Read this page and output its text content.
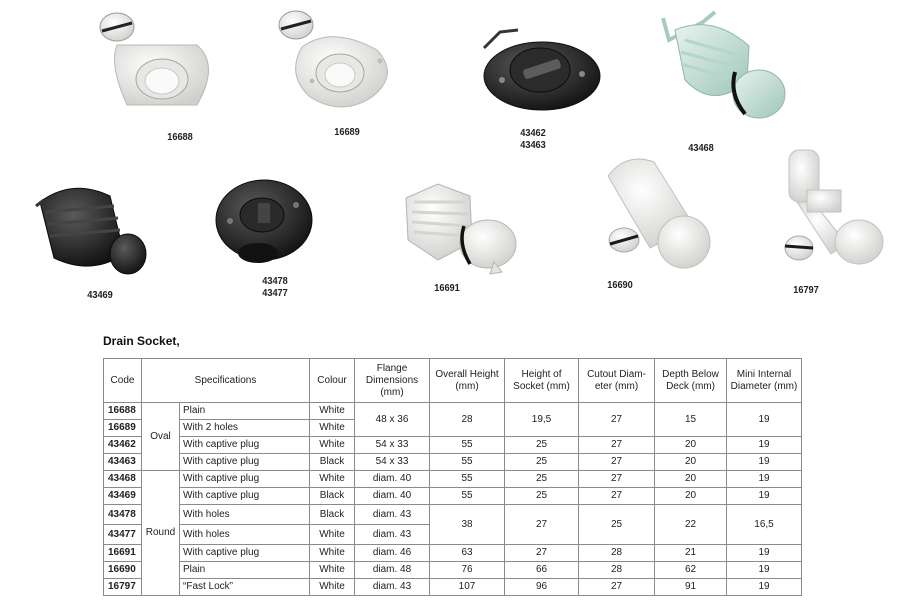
16688	16689	43462
43463	43468
43469
43478
43477	16691	16690	16797
Drain Socket,
Code	Specifications		Colour	Flange Dimensions (mm)	Overall Height (mm)	Height of Socket (mm)	Cutout Diam-eter (mm)	Depth Below Deck (mm)	Mini Internal Diameter (mm)
16688	Oval	Plain	White	48 x 36	28	19,5	27	15	19
16689		With 2 holes	White						
43462		With captive plug	White	54 x 33	55	25	27	20	19
43463		With captive plug	Black	54 x 33	55	25	27	20	19
43468	Round	With captive plug	White	diam. 40	55	25	27	20	19
43469		With captive plug	Black	diam. 40	55	25	27	20	19
43478		With holes	Black	diam. 43	38	27	25	22	16,5
43477		With holes	White	diam. 43					
16691		With captive plug	White	diam. 46	63	27	28	21	19
16690		Plain	White	diam. 48	76	66	28	62	19
16797		“Fast Lock”	White	diam. 43	107	96	27	91	19
